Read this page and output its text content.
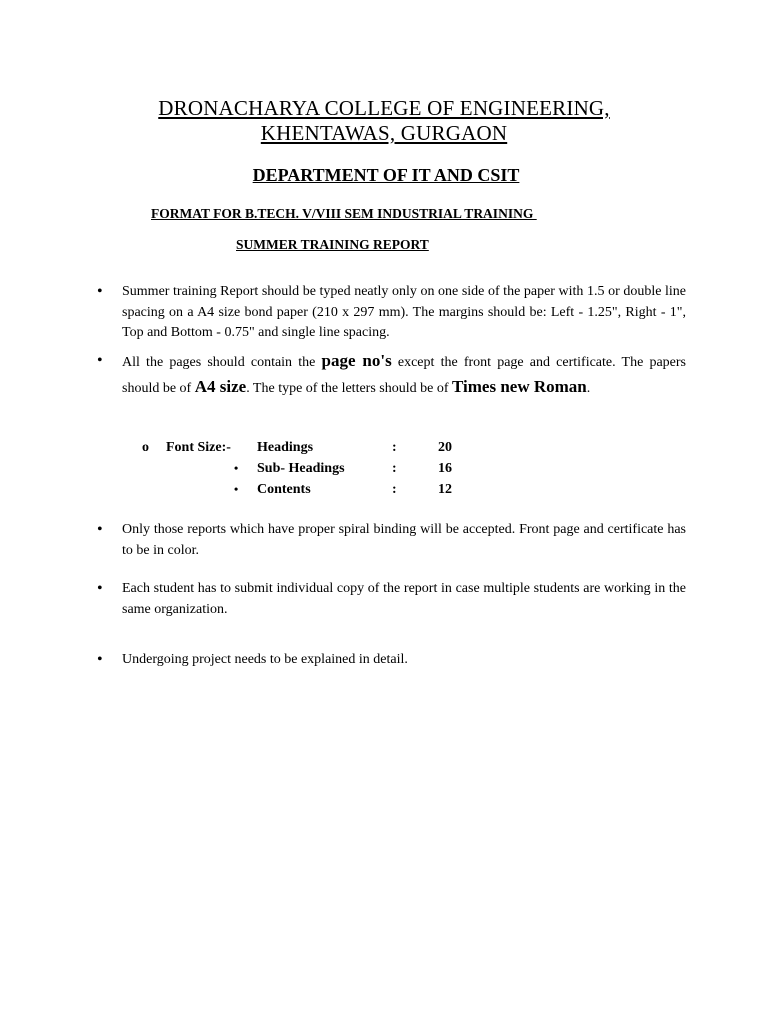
DRONACHARYA COLLEGE OF ENGINEERING,
KHENTAWAS, GURGAON
DEPARTMENT OF IT AND CSIT
FORMAT FOR B.TECH. V/VIII SEM INDUSTRIAL TRAINING
SUMMER TRAINING REPORT
• Summer training Report should be typed neatly only on one side of the paper with 1.5 or double line spacing on a A4 size bond paper (210 x 297 mm). The margins should be: Left - 1.25", Right - 1", Top and Bottom - 0.75" and single line spacing.
• All the pages should contain the page no's except the front page and certificate. The papers should be of A4 size. The type of the letters should be of Times new Roman.
o Font Size:- Headings	:	20
• Sub- Headings	:	16
• Contents	:	12
• Only those reports which have proper spiral binding will be accepted. Front page and certificate has to be in color.
• Each student has to submit individual copy of the report in case multiple students are working in the same organization.
• Undergoing project needs to be explained in detail.
